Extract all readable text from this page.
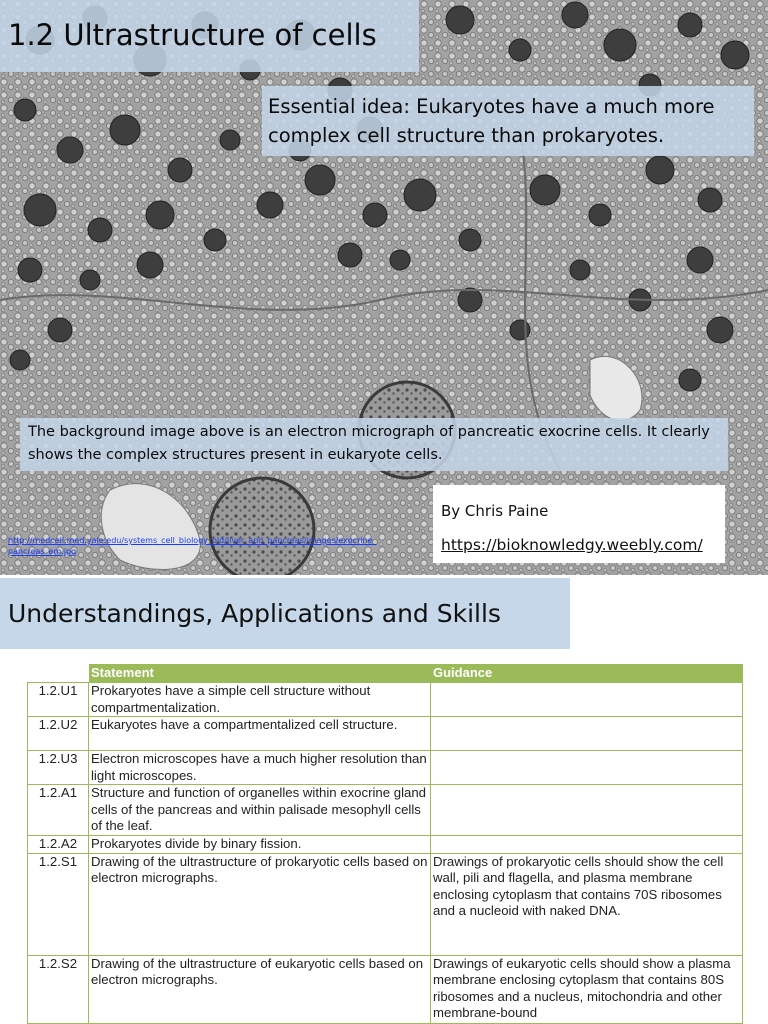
1.2 Ultrastructure of cells
Essential idea: Eukaryotes have a much more complex cell structure than prokaryotes.
The background image above is an electron micrograph of pancreatic exocrine cells. It clearly shows the complex structures present in eukaryote cells.
By Chris Paine
https://bioknowledgy.weebly.com/
http://medcell.med.yale.edu/systems_cell_biology_old/liver_and_pancreas/images/exocrine_pancreas_em.jpg
Understandings, Applications and Skills
	Statement	Guidance
1.2.U1	Prokaryotes have a simple cell structure without compartmentalization.	
1.2.U2	Eukaryotes have a compartmentalized cell structure.	
1.2.U3	Electron microscopes have a much higher resolution than light microscopes.	
1.2.A1	Structure and function of organelles within exocrine gland cells of the pancreas and within palisade mesophyll cells of the leaf.	
1.2.A2	Prokaryotes divide by binary fission.	
1.2.S1	Drawing of the ultrastructure of prokaryotic cells based on electron micrographs.	Drawings of prokaryotic cells should show the cell wall, pili and flagella, and plasma membrane enclosing cytoplasm that contains 70S ribosomes and a nucleoid with naked DNA.
1.2.S2	Drawing of the ultrastructure of eukaryotic cells based on electron micrographs.	Drawings of eukaryotic cells should show a plasma membrane enclosing cytoplasm that contains 80S ribosomes and a nucleus, mitochondria and other membrane-bound
